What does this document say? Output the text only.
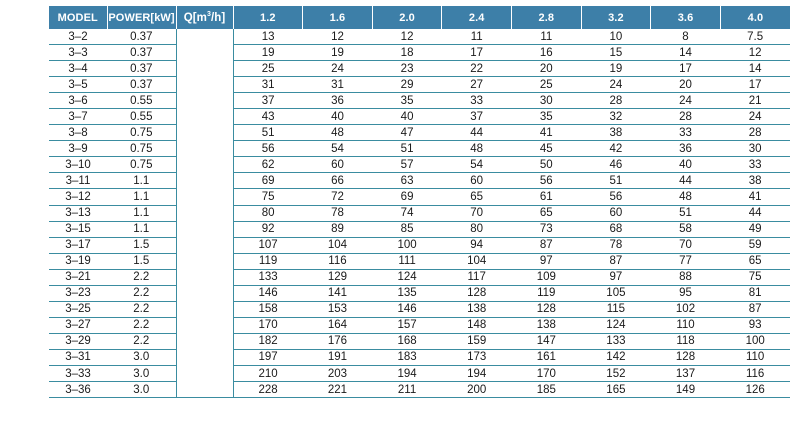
MODEL	POWER[kW]	$Q[m^3/h]$	1.2	1.6	2.0	2.4	2.8	3.2	3.6	4.0
3–2	0.37		13	12	12	11	11	10	8	7.5
3–3	0.37		19	19	18	17	16	15	14	12
3–4	0.37		25	24	23	22	20	19	17	14
3–5	0.37		31	31	29	27	25	24	20	17
3–6	0.55		37	36	35	33	30	28	24	21
3–7	0.55		43	40	40	37	35	32	28	24
3–8	0.75		51	48	47	44	41	38	33	28
3–9	0.75		56	54	51	48	45	42	36	30
3–10	0.75		62	60	57	54	50	46	40	33
3–11	1.1		69	66	63	60	56	51	44	38
3–12	1.1		75	72	69	65	61	56	48	41
3–13	1.1		80	78	74	70	65	60	51	44
3–15	1.1		92	89	85	80	73	68	58	49
3–17	1.5		107	104	100	94	87	78	70	59
3–19	1.5		119	116	111	104	97	87	77	65
3–21	2.2		133	129	124	117	109	97	88	75
3–23	2.2		146	141	135	128	119	105	95	81
3–25	2.2		158	153	146	138	128	115	102	87
3–27	2.2		170	164	157	148	138	124	110	93
3–29	2.2		182	176	168	159	147	133	118	100
3–31	3.0		197	191	183	173	161	142	128	110
3–33	3.0		210	203	194	194	170	152	137	116
3–36	3.0		228	221	211	200	185	165	149	126
